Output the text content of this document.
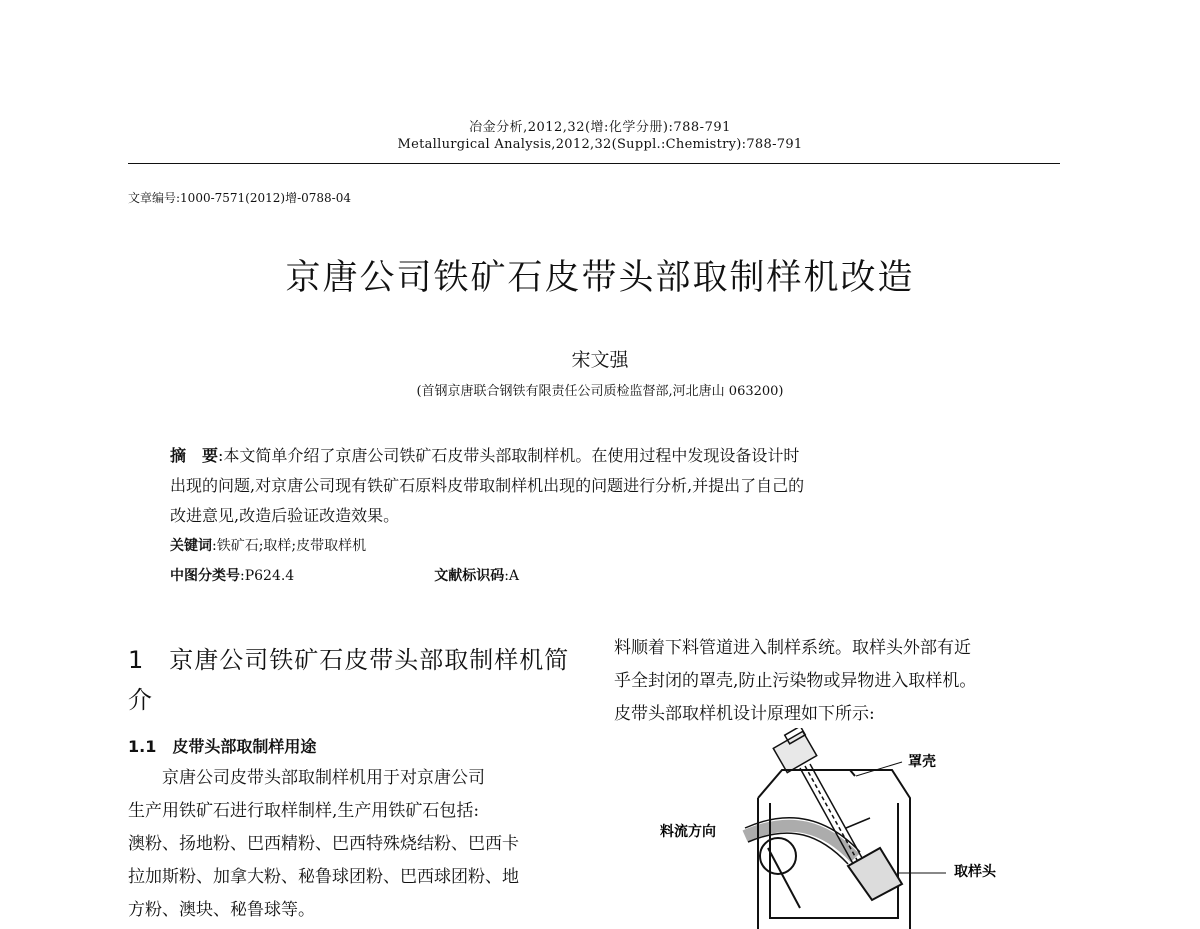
冶金分析,2012,32(增:化学分册):788-791
Metallurgical Analysis,2012,32(Suppl.:Chemistry):788-791
文章编号:1000-7571(2012)增-0788-04
京唐公司铁矿石皮带头部取制样机改造
宋文强
(首钢京唐联合钢铁有限责任公司质检监督部,河北唐山 063200)

摘　要:本文简单介绍了京唐公司铁矿石皮带头部取制样机。在使用过程中发现设备设计时

出现的问题,对京唐公司现有铁矿石原料皮带取制样机出现的问题进行分析,并提出了自己的

改进意见,改造后验证改造效果。

关键词:铁矿石;取样;皮带取样机

中图分类号:P624.4	文献标识码:A

1　京唐公司铁矿石皮带头部取制样机简介
1.1　皮带头部取制样用途

　　京唐公司皮带头部取制样机用于对京唐公司

生产用铁矿石进行取样制样,生产用铁矿石包括:

澳粉、扬地粉、巴西精粉、巴西特殊烧结粉、巴西卡

拉加斯粉、加拿大粉、秘鲁球团粉、巴西球团粉、地

方粉、澳块、秘鲁球等。

料顺着下料管道进入制样系统。取样头外部有近

乎全封闭的罩壳,防止污染物或异物进入取样机。

皮带头部取样机设计原理如下所示:

罩壳
料流方向
取样头
